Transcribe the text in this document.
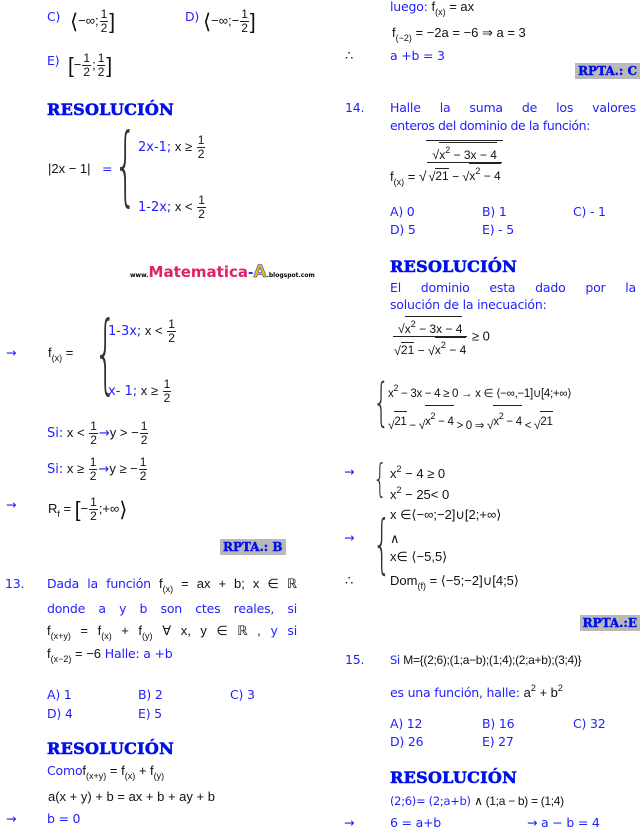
C) ⟨−∞; $\frac{1}{2}$ ]	D) ⟨−∞;− $\frac{1}{2}$ ]
E) [− $\frac{1}{2}$ ; $\frac{1}{2}$ ]
RESOLUCIÓN
|2x − 1| = { 2x-1; $x \ge \frac{1}{2}$
1-2x; $x < \frac{1}{2}$
www.Matematica-A.blogspot.com
→ $f_{(x)}$ = {
1-3x; $x < \frac{1}{2}$
x- 1; $x \ge \frac{1}{2}$
Si: $x < \frac{1}{2} \to y$ > − $\frac{1}{2}$
Si: $x \ge \frac{1}{2} \to y$ ≥ − $\frac{1}{2}$
→ $R_f$ = [− $\frac{1}{2}$ ;+∞⟩
RPTA.: B
13. Dada la función $f_{(x)}$ = ax + b; x ∈ ℝ
donde a y b son ctes reales, si
$f_{(x+y)} = f_{(x)} + f_{(y)}$ ∀ x, y ∈ ℝ , y si
$f_{(x-2)} = -6$ Halle: a +b
A) 1	B) 2	C) 3
D) 4	E) 5
RESOLUCIÓN
Comof$_{(x+y)}$ = $f_{(x)} + f_{(y)}$
a(x + y) + b = ax + b + ay + b
→ b = 0
luego: $f_{(x)}$ = ax
$f_{(-2)} = -2a = -6$ ⇒ a = 3
∴	a +b = 3
RPTA.: C
14. Halle la suma de los valores
enteros del dominio de la función:
$f_{(x)}$ = √ $\frac{√ x^2 - 3x - 4}{√ 21 - √ x^2 - 4}$
A) 0	B) 1	C) - 1
D) 5	E) - 5
RESOLUCIÓN
El dominio esta dado por la
solución de la inecuación:
$\frac{√ x^2 - 3x - 4}{√ 21 - √ x^2 - 4} \ge 0$
{
$x^2 - 3x - 4 \ge 0 \to x$ ∈ ⟨−∞,−1]∪[4;+∞⟩
√ 21 − √ $x^2 - 4 > 0$ ⇒ √ $x^2 - 4$ < √ 21
→ { $x^2 - 4 \ge 0$
$x^2 - 25< 0$
→ { x ∈⟨−∞;−2]∪[2;+∞⟩
∧
x∈ ⟨−5,5⟩
∴	Dom$_{(f)}$ = ⟨−5;−2]∪[4;5⟩
RPTA.:E
15. Si M={(2;6);(1;a−b);(1;4);(2;a+b);(3;4)}
es una función, halle: $a^2 + b^2$
A) 12	B) 16	C) 32
D) 26	E) 27
RESOLUCIÓN
(2;6)= (2;a+b) ∧ (1;a − b) = (1;4)
→	6 = a+b	→ a − b = 4
